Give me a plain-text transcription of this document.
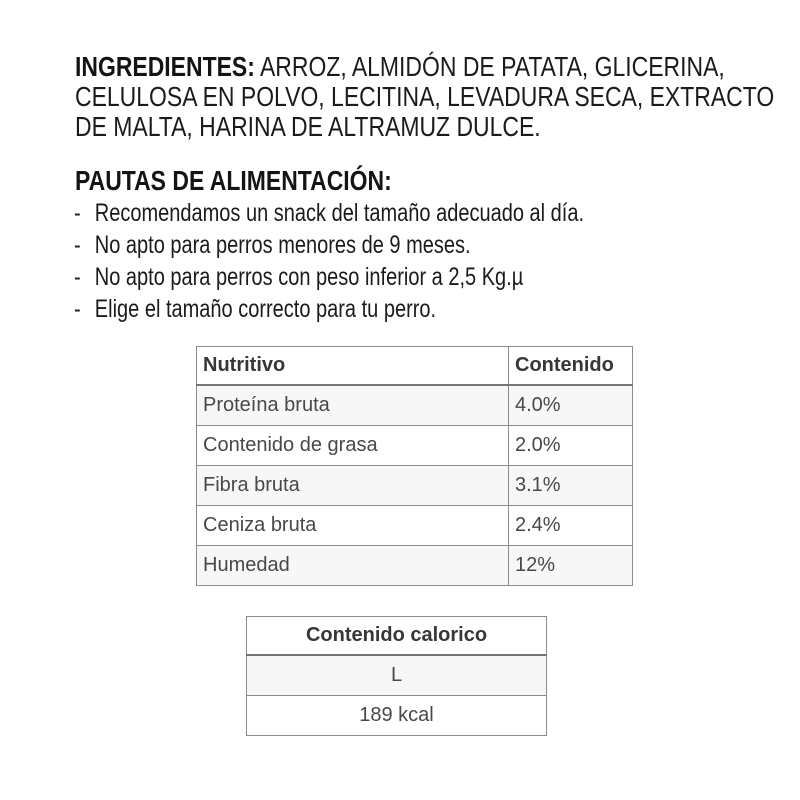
INGREDIENTES: ARROZ, ALMIDÓN DE PATATA, GLICERINA,
CELULOSA EN POLVO, LECITINA, LEVADURA SECA, EXTRACTO
DE MALTA, HARINA DE ALTRAMUZ DULCE.
PAUTAS DE ALIMENTACIÓN:
- Recomendamos un snack del tamaño adecuado al día.
- No apto para perros menores de 9 meses.
- No apto para perros con peso inferior a 2,5 Kg.µ
- Elige el tamaño correcto para tu perro.
Nutritivo	Contenido
Proteína bruta	4.0%
Contenido de grasa	2.0%
Fibra bruta	3.1%
Ceniza bruta	2.4%
Humedad	12%
Contenido calorico
L
189 kcal
